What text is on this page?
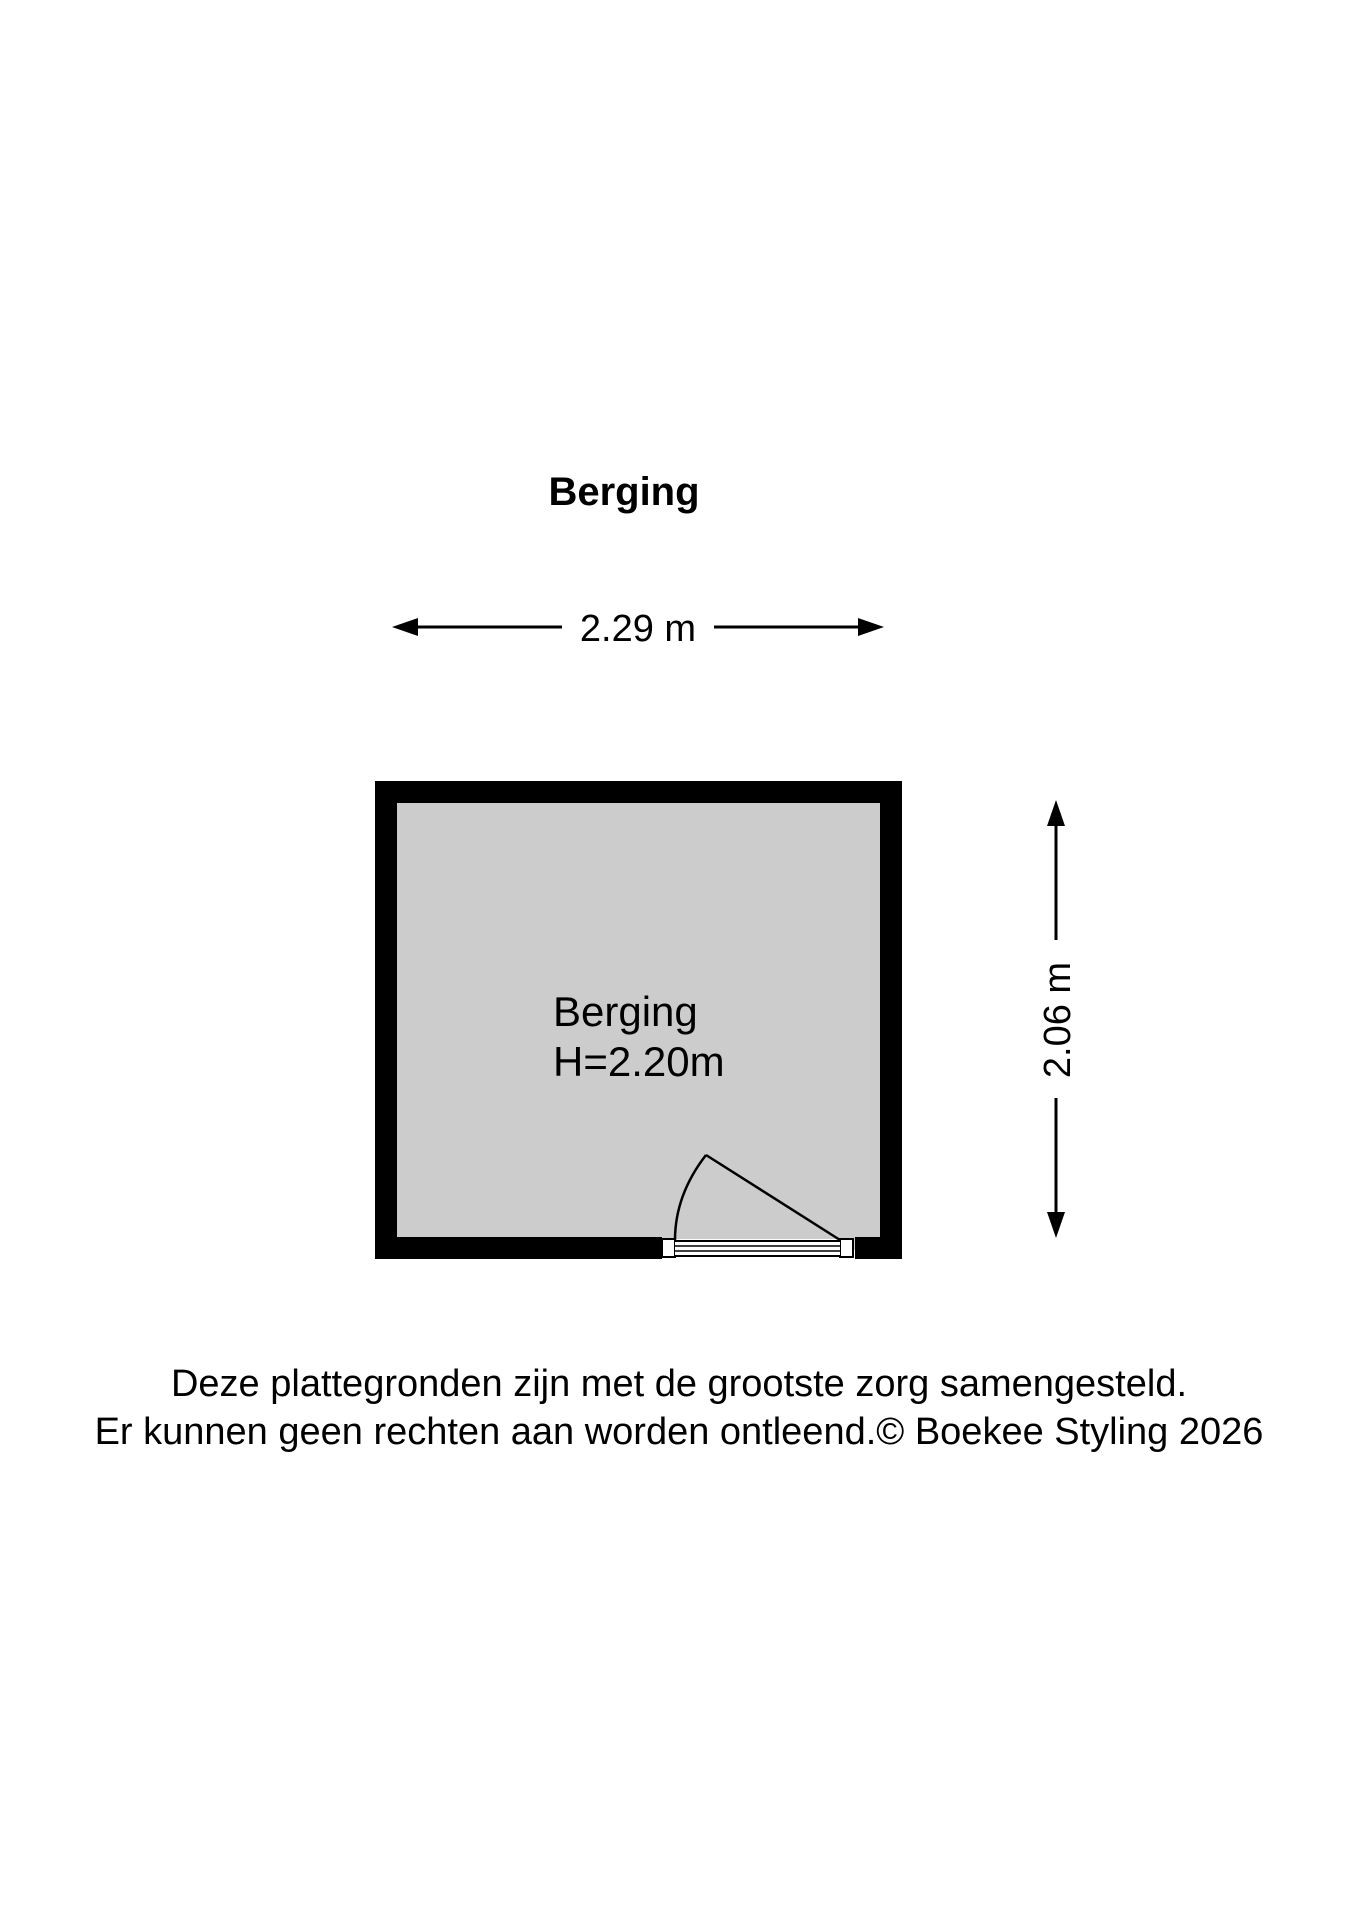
Berging
2.29 m
2.06 m
Berging
H=2.20m
Deze plattegronden zijn met de grootste zorg samengesteld.
Er kunnen geen rechten aan worden ontleend.© Boekee Styling 2026
